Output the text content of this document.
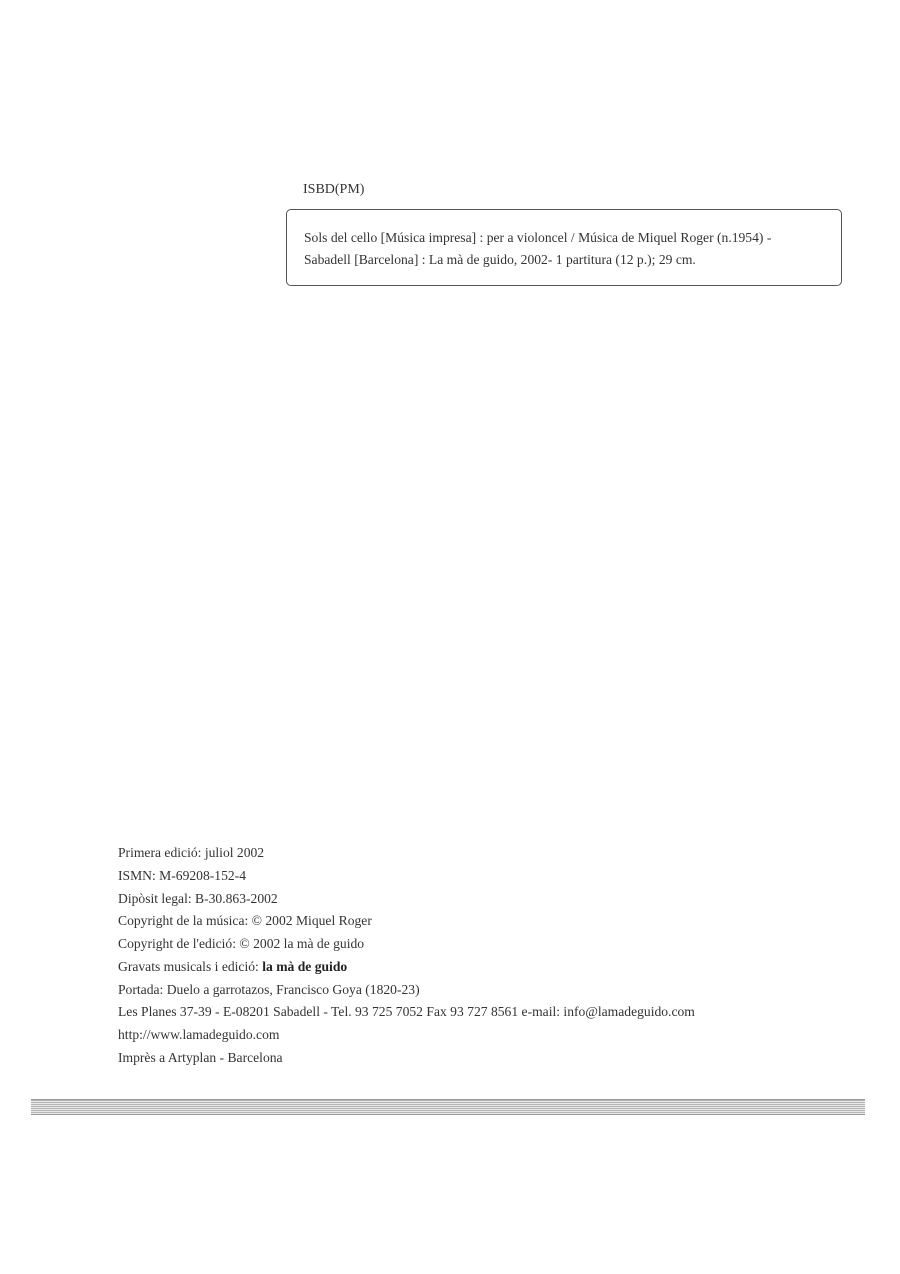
ISBD(PM)
Sols del cello [Música impresa] : per a violoncel / Música de Miquel Roger (n.1954) -
Sabadell [Barcelona] : La mà de guido, 2002- 1 partitura (12 p.); 29 cm.
Primera edició: juliol 2002
ISMN: M-69208-152-4
Dipòsit legal: B-30.863-2002
Copyright de la música: © 2002 Miquel Roger
Copyright de l'edició: © 2002 la mà de guido
Gravats musicals i edició: la mà de guido
Portada: Duelo a garrotazos, Francisco Goya (1820-23)
Les Planes 37-39 - E-08201 Sabadell - Tel. 93 725 7052 Fax 93 727 8561 e-mail: info@lamadeguido.com
http://www.lamadeguido.com
Imprès a Artyplan - Barcelona
